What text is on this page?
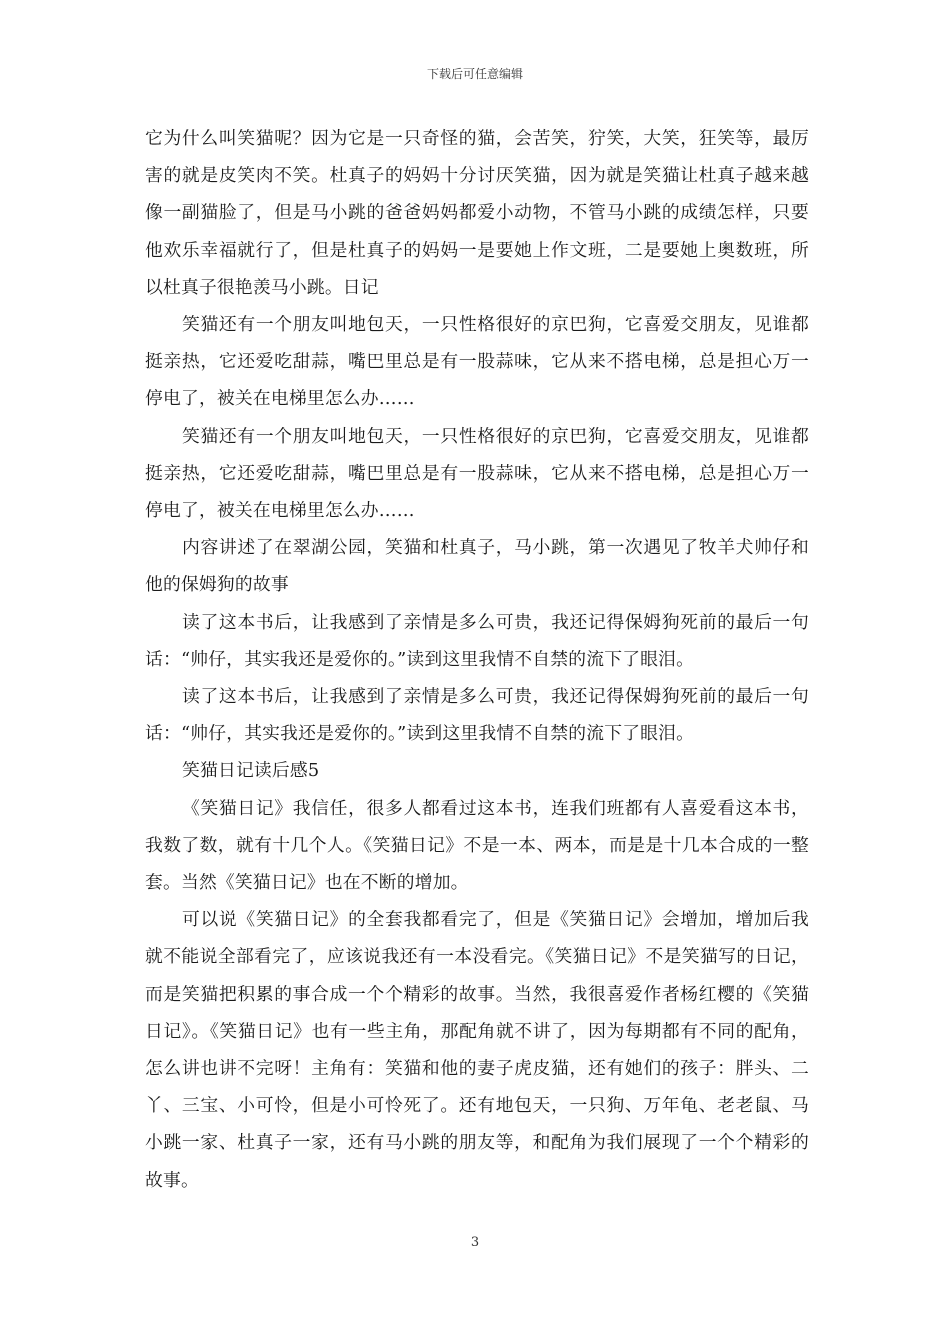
下载后可任意编辑

它为什么叫笑猫呢？因为它是一只奇怪的猫，会苦笑，狞笑，大笑，狂笑等，最厉害的就是皮笑肉不笑。杜真子的妈妈十分讨厌笑猫，因为就是笑猫让杜真子越来越像一副猫脸了，但是马小跳的爸爸妈妈都爱小动物，不管马小跳的成绩怎样，只要他欢乐幸福就行了，但是杜真子的妈妈一是要她上作文班，二是要她上奥数班，所以杜真子很艳羡马小跳。日记

笑猫还有一个朋友叫地包天，一只性格很好的京巴狗，它喜爱交朋友，见谁都挺亲热，它还爱吃甜蒜，嘴巴里总是有一股蒜味，它从来不搭电梯，总是担心万一停电了，被关在电梯里怎么办……

笑猫还有一个朋友叫地包天，一只性格很好的京巴狗，它喜爱交朋友，见谁都挺亲热，它还爱吃甜蒜，嘴巴里总是有一股蒜味，它从来不搭电梯，总是担心万一停电了，被关在电梯里怎么办……

内容讲述了在翠湖公园，笑猫和杜真子，马小跳，第一次遇见了牧羊犬帅仔和他的保姆狗的故事

读了这本书后，让我感到了亲情是多么可贵，我还记得保姆狗死前的最后一句话：“帅仔，其实我还是爱你的。”读到这里我情不自禁的流下了眼泪。

读了这本书后，让我感到了亲情是多么可贵，我还记得保姆狗死前的最后一句话：“帅仔，其实我还是爱你的。”读到这里我情不自禁的流下了眼泪。

笑猫日记读后感5

《笑猫日记》我信任，很多人都看过这本书，连我们班都有人喜爱看这本书，我数了数，就有十几个人。《笑猫日记》不是一本、两本，而是是十几本合成的一整套。当然《笑猫日记》也在不断的增加。

可以说《笑猫日记》的全套我都看完了，但是《笑猫日记》会增加，增加后我就不能说全部看完了，应该说我还有一本没看完。《笑猫日记》不是笑猫写的日记，而是笑猫把积累的事合成一个个精彩的故事。当然，我很喜爱作者杨红樱的《笑猫日记》。《笑猫日记》也有一些主角，那配角就不讲了，因为每期都有不同的配角，怎么讲也讲不完呀！主角有：笑猫和他的妻子虎皮猫，还有她们的孩子：胖头、二丫、三宝、小可怜，但是小可怜死了。还有地包天，一只狗、万年龟、老老鼠、马小跳一家、杜真子一家，还有马小跳的朋友等，和配角为我们展现了一个个精彩的故事。

3
